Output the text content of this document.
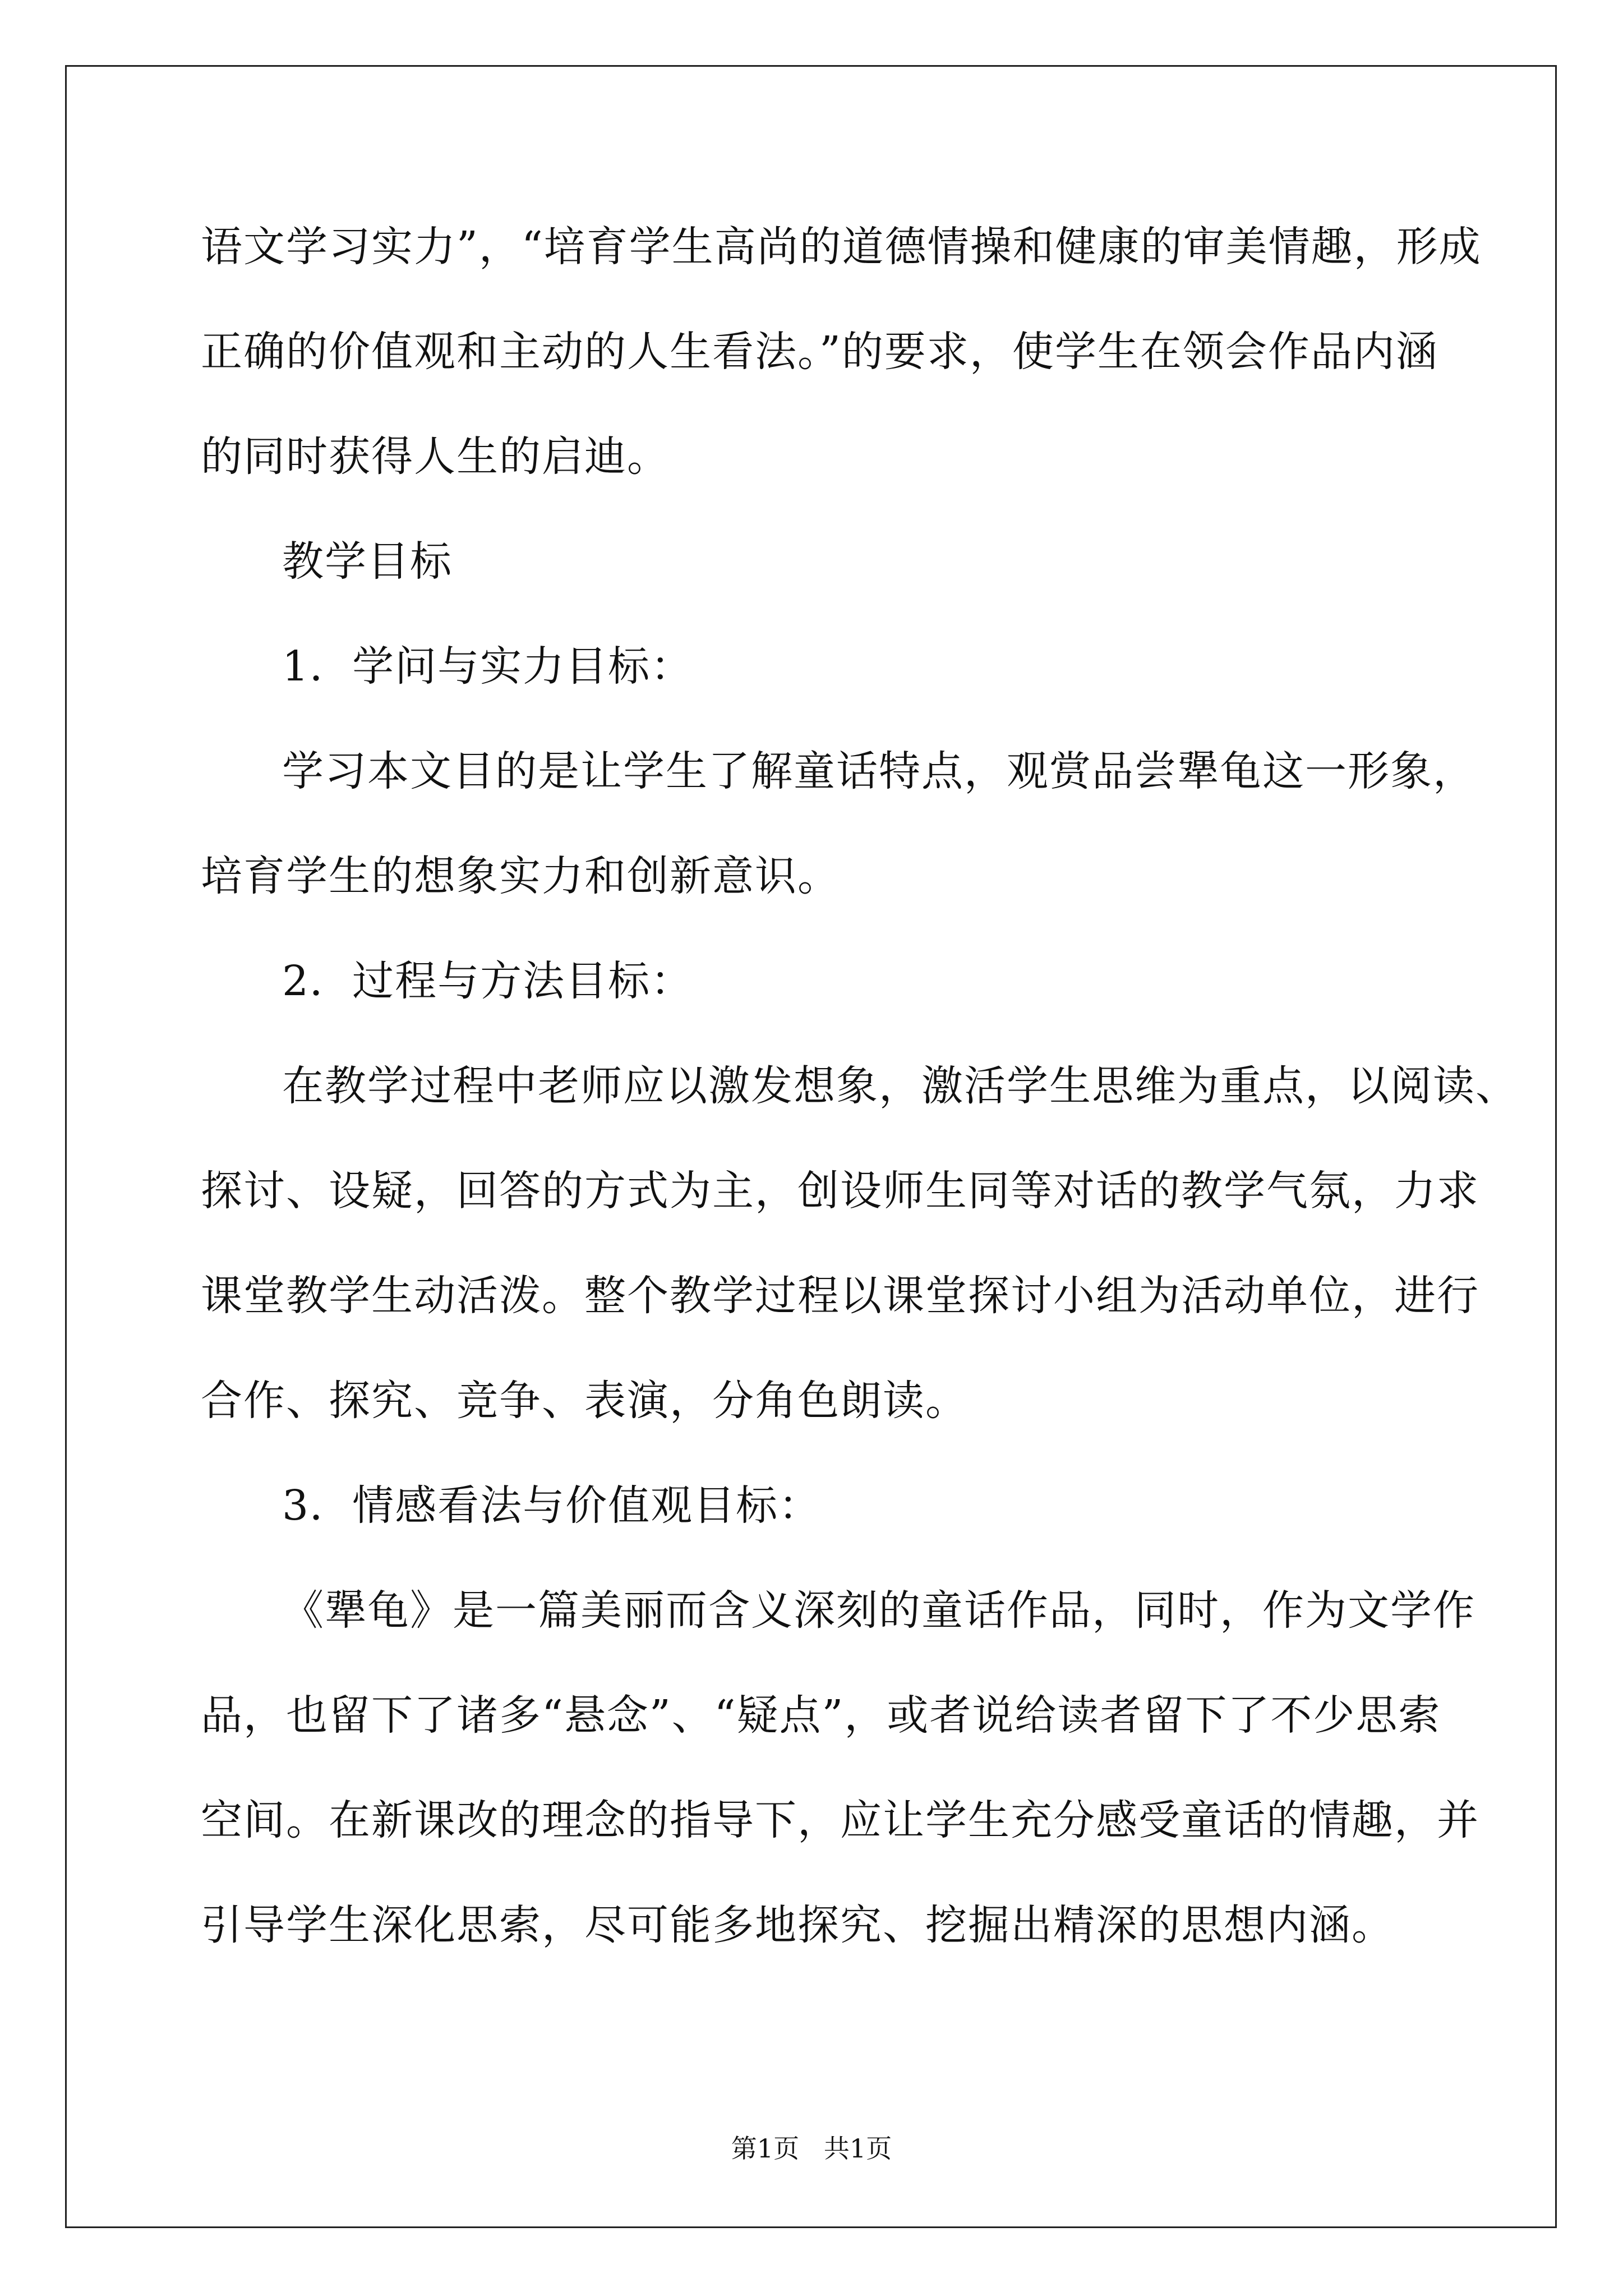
语文学习实力”，“培育学生高尚的道德情操和健康的审美情趣，形成
正确的价值观和主动的人生看法。”的要求，使学生在领会作品内涵
的同时获得人生的启迪。
教学目标
1．学问与实力目标：
学习本文目的是让学生了解童话特点，观赏品尝犟龟这一形象，
培育学生的想象实力和创新意识。
2．过程与方法目标：
在教学过程中老师应以激发想象，激活学生思维为重点，以阅读、
探讨、设疑，回答的方式为主，创设师生同等对话的教学气氛，力求
课堂教学生动活泼。整个教学过程以课堂探讨小组为活动单位，进行
合作、探究、竞争、表演，分角色朗读。
3．情感看法与价值观目标：
《犟龟》是一篇美丽而含义深刻的童话作品，同时，作为文学作
品，也留下了诸多“悬念”、“疑点”，或者说给读者留下了不少思索
空间。在新课改的理念的指导下，应让学生充分感受童话的情趣，并
引导学生深化思索，尽可能多地探究、挖掘出精深的思想内涵。
第1页   共1页
